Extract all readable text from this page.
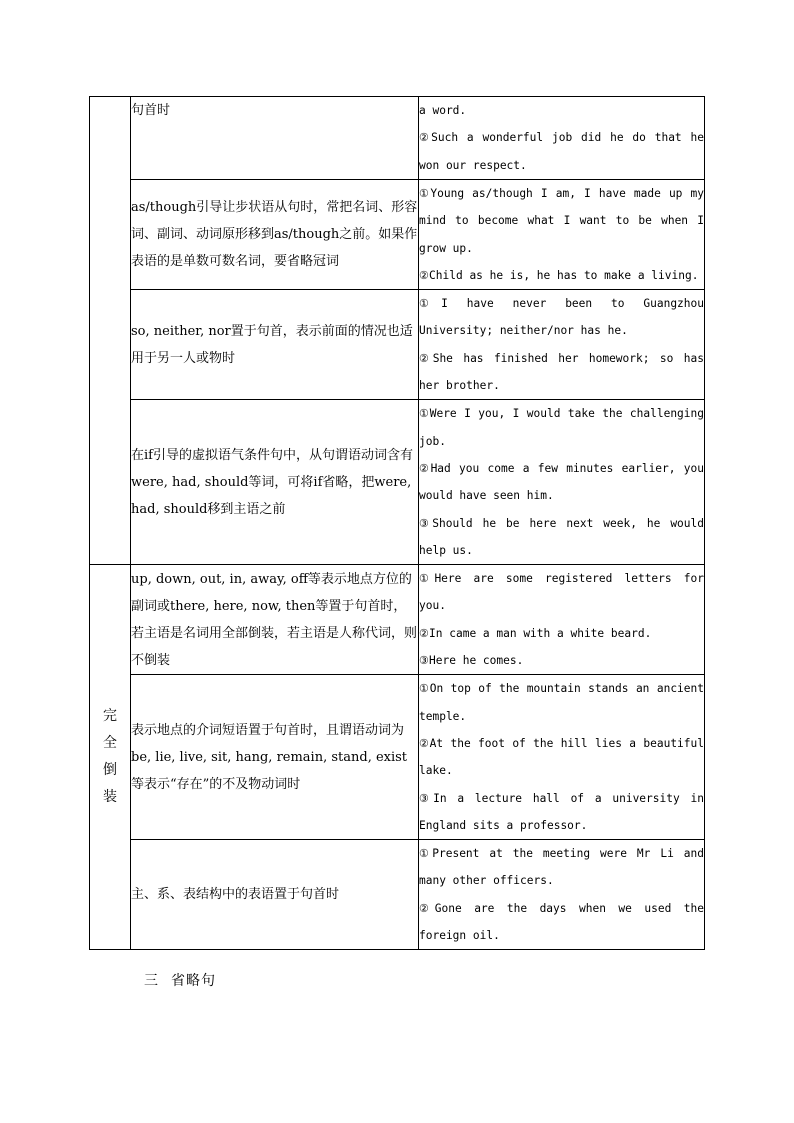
	句首时	a word.
②Such a wonderful job did he do that he won our respect.

	as/though引导让步状语从句时，常把名词、形容词、副词、动词原形移到as/though之前。如果作表语的是单数可数名词，要省略冠词	①Young as/though I am, I have made up my mind to become what I want to be when I grow up.
②Child as he is, he has to make a living.

	so, neither, nor置于句首，表示前面的情况也适用于另一人或物时	①I have never been to Guangzhou University; neither/nor has he.
②She has finished her homework; so has her brother.

	在if引导的虚拟语气条件句中，从句谓语动词含有were, had, should等词，可将if省略，把were, had, should移到主语之前	①Were I you, I would take the challenging job.
②Had you come a few minutes earlier, you would have seen him.
③Should he be here next week, he would help us.

完全倒装	up, down, out, in, away, off等表示地点方位的副词或there, here, now, then等置于句首时，若主语是名词用全部倒装，若主语是人称代词，则不倒装	①Here are some registered letters for you.
②In came a man with a white beard.
③Here he comes.

	表示地点的介词短语置于句首时，且谓语动词为be, lie, live, sit, hang, remain, stand, exist等表示“存在”的不及物动词时	①On top of the mountain stands an ancient temple.
②At the foot of the hill lies a beautiful lake.
③In a lecture hall of a university in England sits a professor.

	主、系、表结构中的表语置于句首时	①Present at the meeting were Mr Li and many other officers.
②Gone are the days when we used the foreign oil.
三 省略句
